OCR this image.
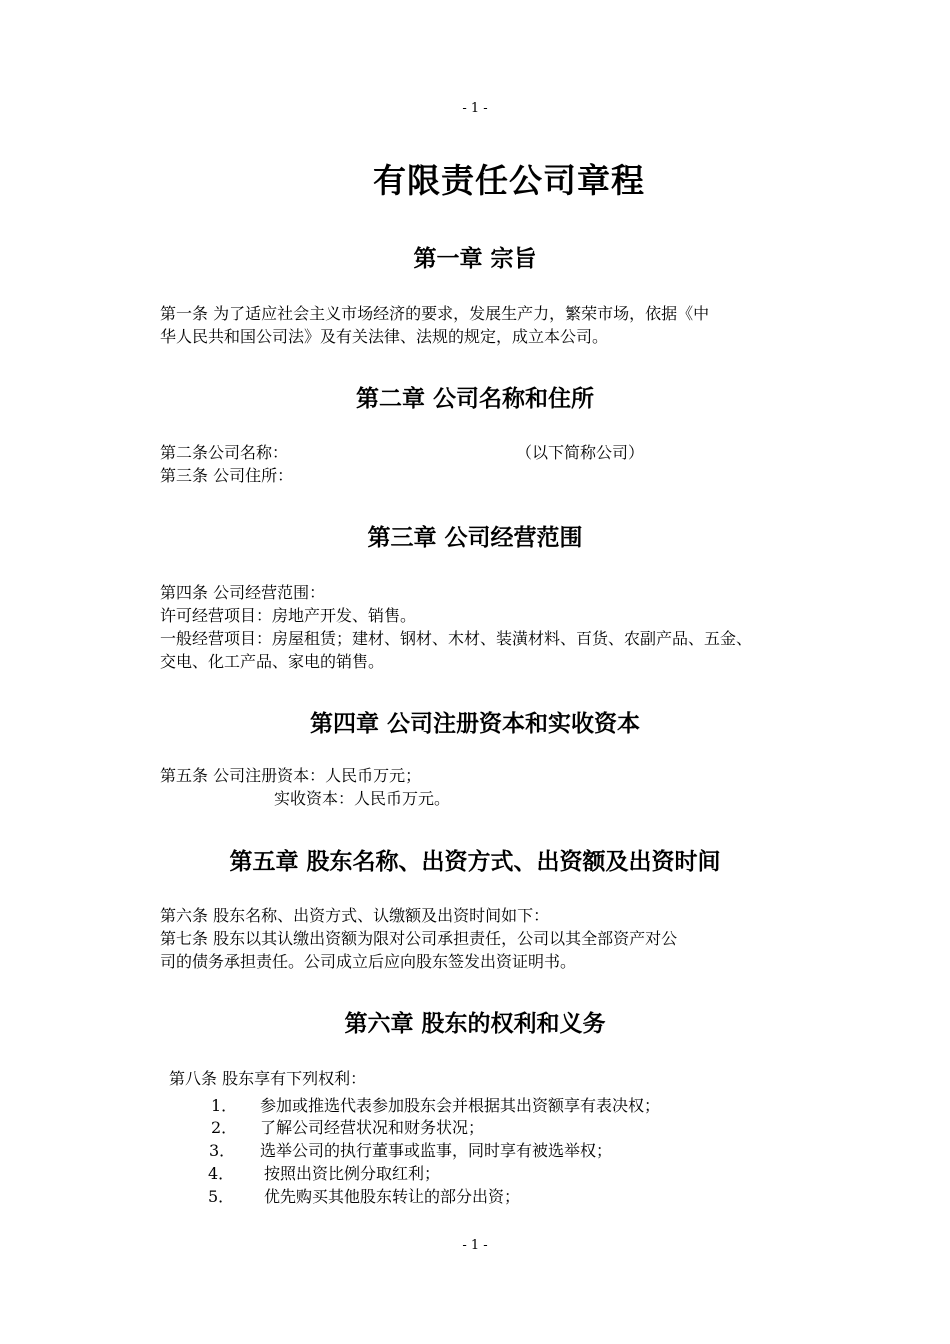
- 1 -
有限责任公司章程
第一章 宗旨
第一条 为了适应社会主义市场经济的要求，发展生产力，繁荣市场，依据《中
华人民共和国公司法》及有关法律、法规的规定，成立本公司。
第二章 公司名称和住所
第二条公司名称：	（以下简称公司）
第三条 公司住所：
第三章 公司经营范围
第四条 公司经营范围：
许可经营项目：房地产开发、销售。
一般经营项目：房屋租赁；建材、钢材、木材、装潢材料、百货、农副产品、五金、
交电、化工产品、家电的销售。
第四章 公司注册资本和实收资本
第五条 公司注册资本：人民币万元；
实收资本：人民币万元。
第五章 股东名称、出资方式、出资额及出资时间
第六条 股东名称、出资方式、认缴额及出资时间如下：
第七条 股东以其认缴出资额为限对公司承担责任，公司以其全部资产对公
司的债务承担责任。公司成立后应向股东签发出资证明书。
第六章 股东的权利和义务
第八条 股东享有下列权利：
1． 参加或推选代表参加股东会并根据其出资额享有表决权；
2． 了解公司经营状况和财务状况；
3． 选举公司的执行董事或监事，同时享有被选举权；
4． 按照出资比例分取红利；
5． 优先购买其他股东转让的部分出资；
- 1 -
